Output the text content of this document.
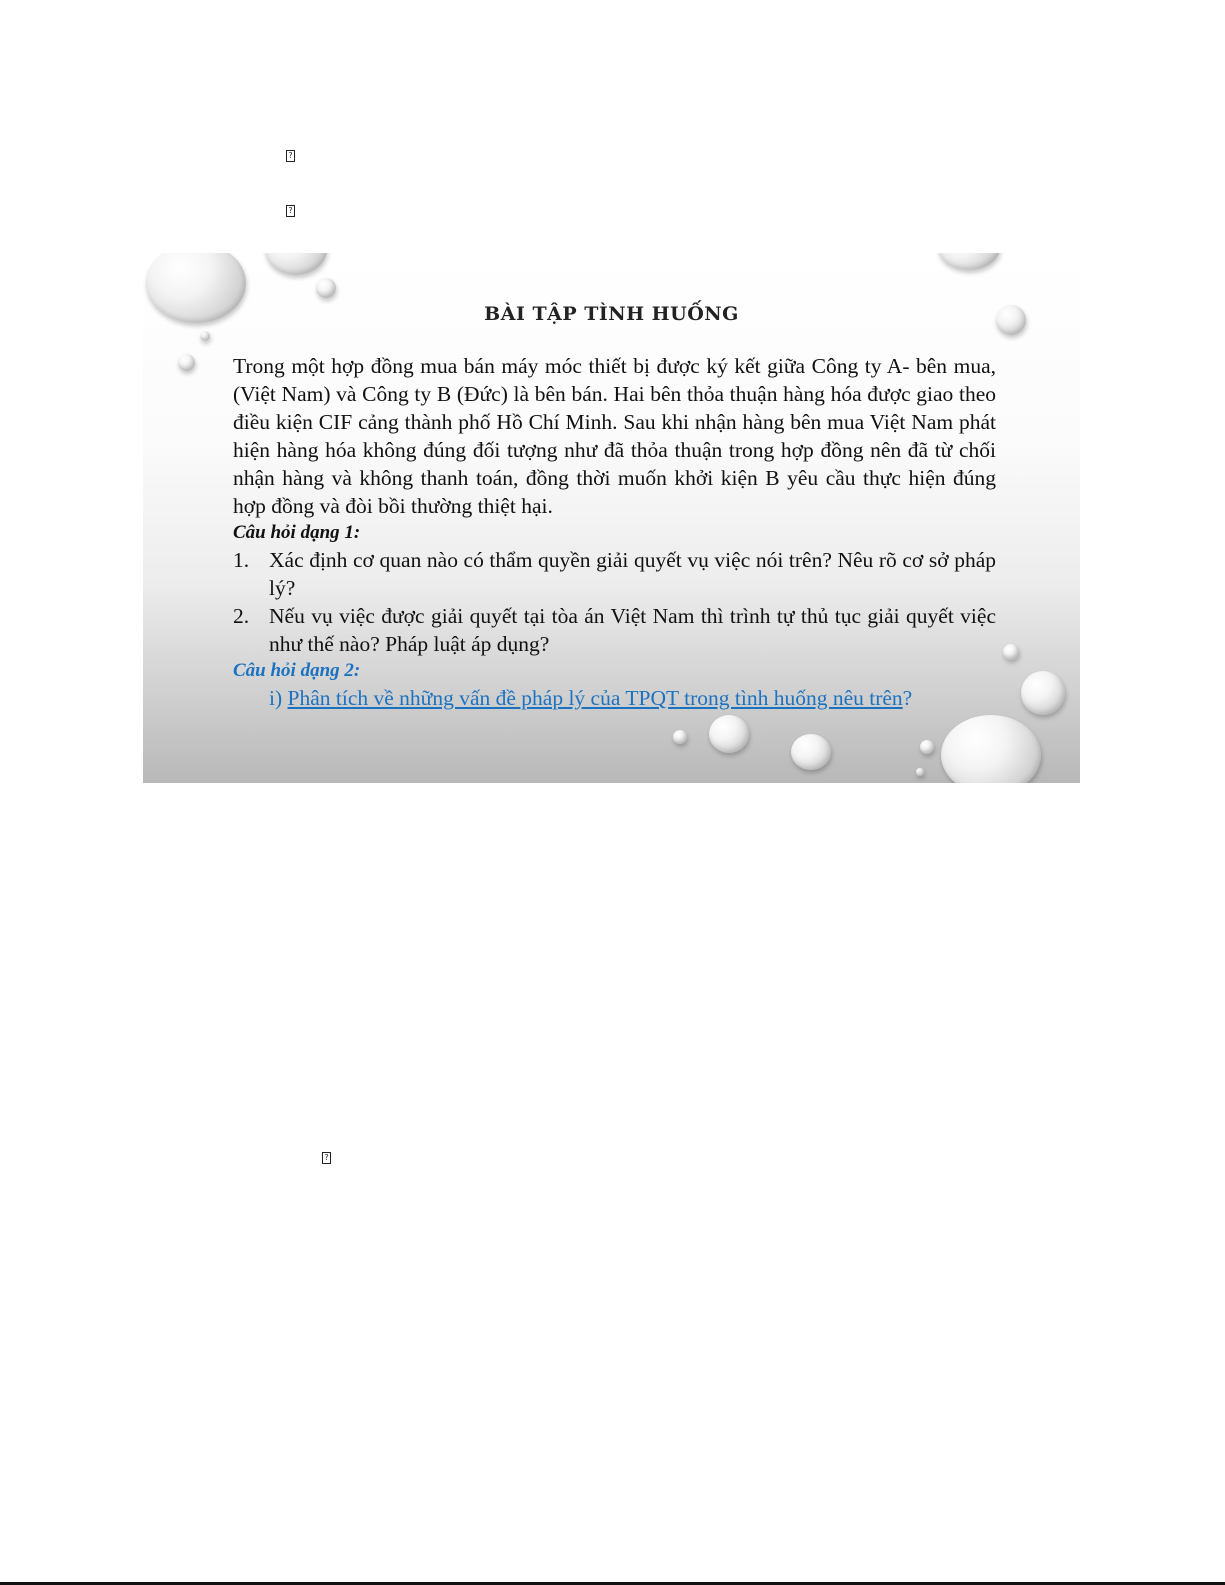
?
?
BÀI TẬP TÌNH HUỐNG

Trong một hợp đồng mua bán máy móc thiết bị được ký kết giữa Công ty A- bên mua, (Việt Nam) và Công ty B (Đức) là bên bán. Hai bên thỏa thuận hàng hóa được giao theo điều kiện CIF cảng thành phố Hồ Chí Minh. Sau khi nhận hàng bên mua Việt Nam phát hiện hàng hóa không đúng đối tượng như đã thỏa thuận trong hợp đồng nên đã từ chối nhận hàng và không thanh toán, đồng thời muốn khởi kiện B yêu cầu thực hiện đúng hợp đồng và đòi bồi thường thiệt hại.

Câu hỏi dạng 1:

1. Xác định cơ quan nào có thẩm quyền giải quyết vụ việc nói trên? Nêu rõ cơ sở pháp lý?
2. Nếu vụ việc được giải quyết tại tòa án Việt Nam thì trình tự thủ tục giải quyết việc như thế nào? Pháp luật áp dụng?

Câu hỏi dạng 2:

i) Phân tích về những vấn đề pháp lý của TPQT trong tình huống nêu trên?
?
